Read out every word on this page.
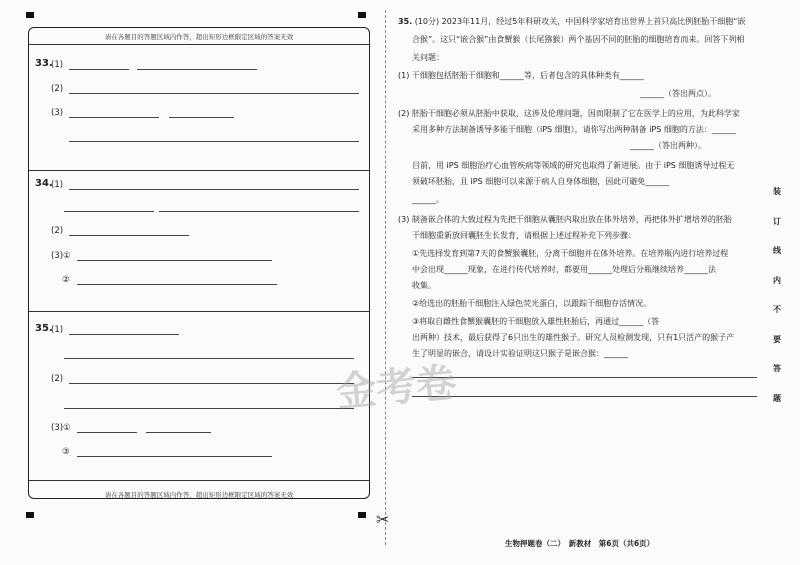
请在各题目的答题区域内作答，超出矩形边框限定区域的答案无效
请在各题目的答题区域内作答，超出矩形边框限定区域的答案无效
33.
(1)
(2)
(3)
34.
(1)
(2)
(3)①
②
35.
(1)
(2)
(3)①
③
✂
35. (10分) 2023年11月，经过5年科研攻关，中国科学家培育出世界上首只高比例胚胎干细胞“嵌
合猴”。这只“嵌合猴”由食蟹猴（长尾猕猴）两个基因不同的胚胎的细胞培育而来。回答下列相
关问题：
(1) 干细胞包括胚胎干细胞和______等，后者包含的具体种类有______
______（答出两点）。
(2) 胚胎干细胞必须从胚胎中获取，这涉及伦理问题，因而限制了它在医学上的应用，为此科学家
采用多种方法制备诱导多能干细胞（iPS 细胞），请你写出两种制备 iPS 细胞的方法：______
______（答出两种）。
目前，用 iPS 细胞治疗心血管疾病等领域的研究也取得了新进展。由于 iPS 细胞诱导过程无
须破坏胚胎，且 iPS 细胞可以来源于病人自身体细胞，因此可避免______
______。
(3) 制备嵌合体的大致过程为先把干细胞从囊胚内取出放在体外培养，再把体外扩增培养的胚胎
干细胞重新放回囊胚生长发育，请根据上述过程补充下列步骤：
①先选择发育到第7天的食蟹猴囊胚，分离干细胞并在体外培养。在培养瓶内进行培养过程
中会出现______现象，在进行传代培养时，都要用______处理后分瓶继续培养______法
收集。
②给选出的胚胎干细胞注入绿色荧光蛋白，以跟踪干细胞存活情况。
③将取自雌性食蟹猴囊胚的干细胞放入雄性胚胎后，再通过______（答
出两种）技术，最后获得了6只出生的雄性猴子。研究人员检测发现，只有1只活产的猴子产
生了明显的嵌合，请设计实验证明这只猴子是嵌合猴：______
金考卷
装
订
线
内
不
要
答
题
生物押题卷（二）　新教材　第6页（共6页）
